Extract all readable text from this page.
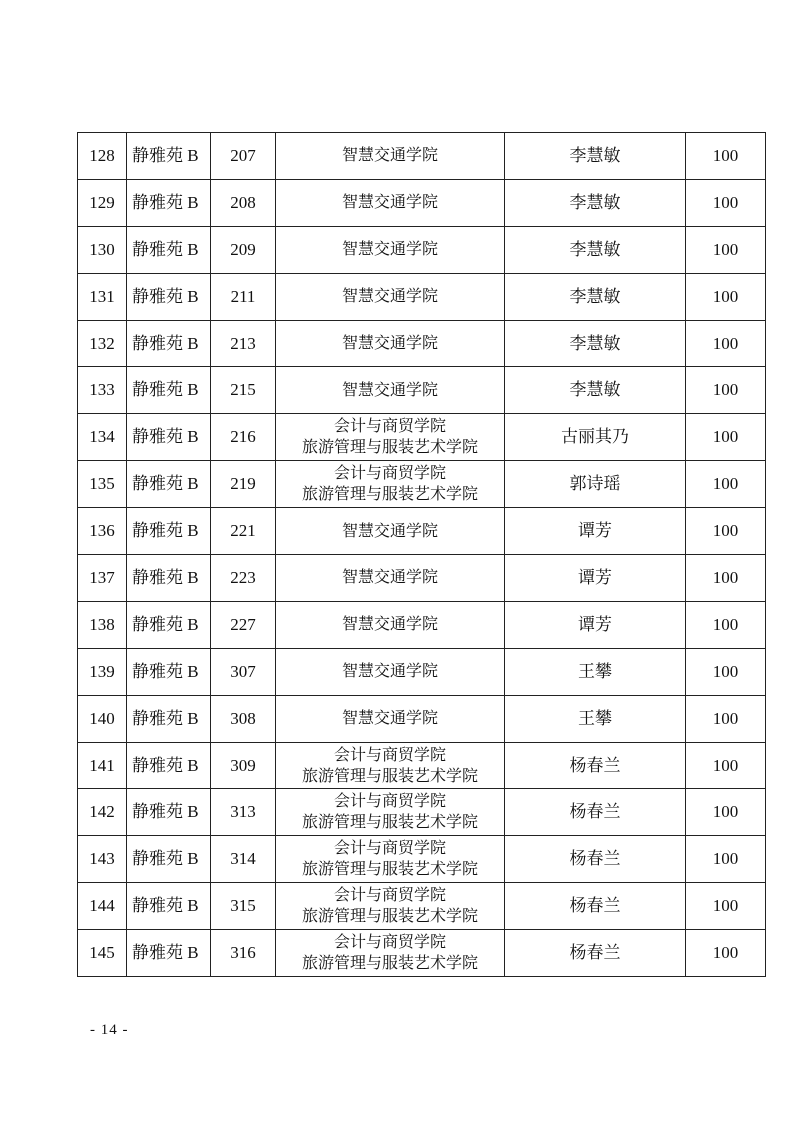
128	静雅苑 B	207	智慧交通学院	李慧敏	100
129	静雅苑 B	208	智慧交通学院	李慧敏	100
130	静雅苑 B	209	智慧交通学院	李慧敏	100
131	静雅苑 B	211	智慧交通学院	李慧敏	100
132	静雅苑 B	213	智慧交通学院	李慧敏	100
133	静雅苑 B	215	智慧交通学院	李慧敏	100
134	静雅苑 B	216	会计与商贸学院
旅游管理与服装艺术学院	古丽其乃	100
135	静雅苑 B	219	会计与商贸学院
旅游管理与服装艺术学院	郭诗瑶	100
136	静雅苑 B	221	智慧交通学院	谭芳	100
137	静雅苑 B	223	智慧交通学院	谭芳	100
138	静雅苑 B	227	智慧交通学院	谭芳	100
139	静雅苑 B	307	智慧交通学院	王攀	100
140	静雅苑 B	308	智慧交通学院	王攀	100
141	静雅苑 B	309	会计与商贸学院
旅游管理与服装艺术学院	杨春兰	100
142	静雅苑 B	313	会计与商贸学院
旅游管理与服装艺术学院	杨春兰	100
143	静雅苑 B	314	会计与商贸学院
旅游管理与服装艺术学院	杨春兰	100
144	静雅苑 B	315	会计与商贸学院
旅游管理与服装艺术学院	杨春兰	100
145	静雅苑 B	316	会计与商贸学院
旅游管理与服装艺术学院	杨春兰	100
- 14 -
